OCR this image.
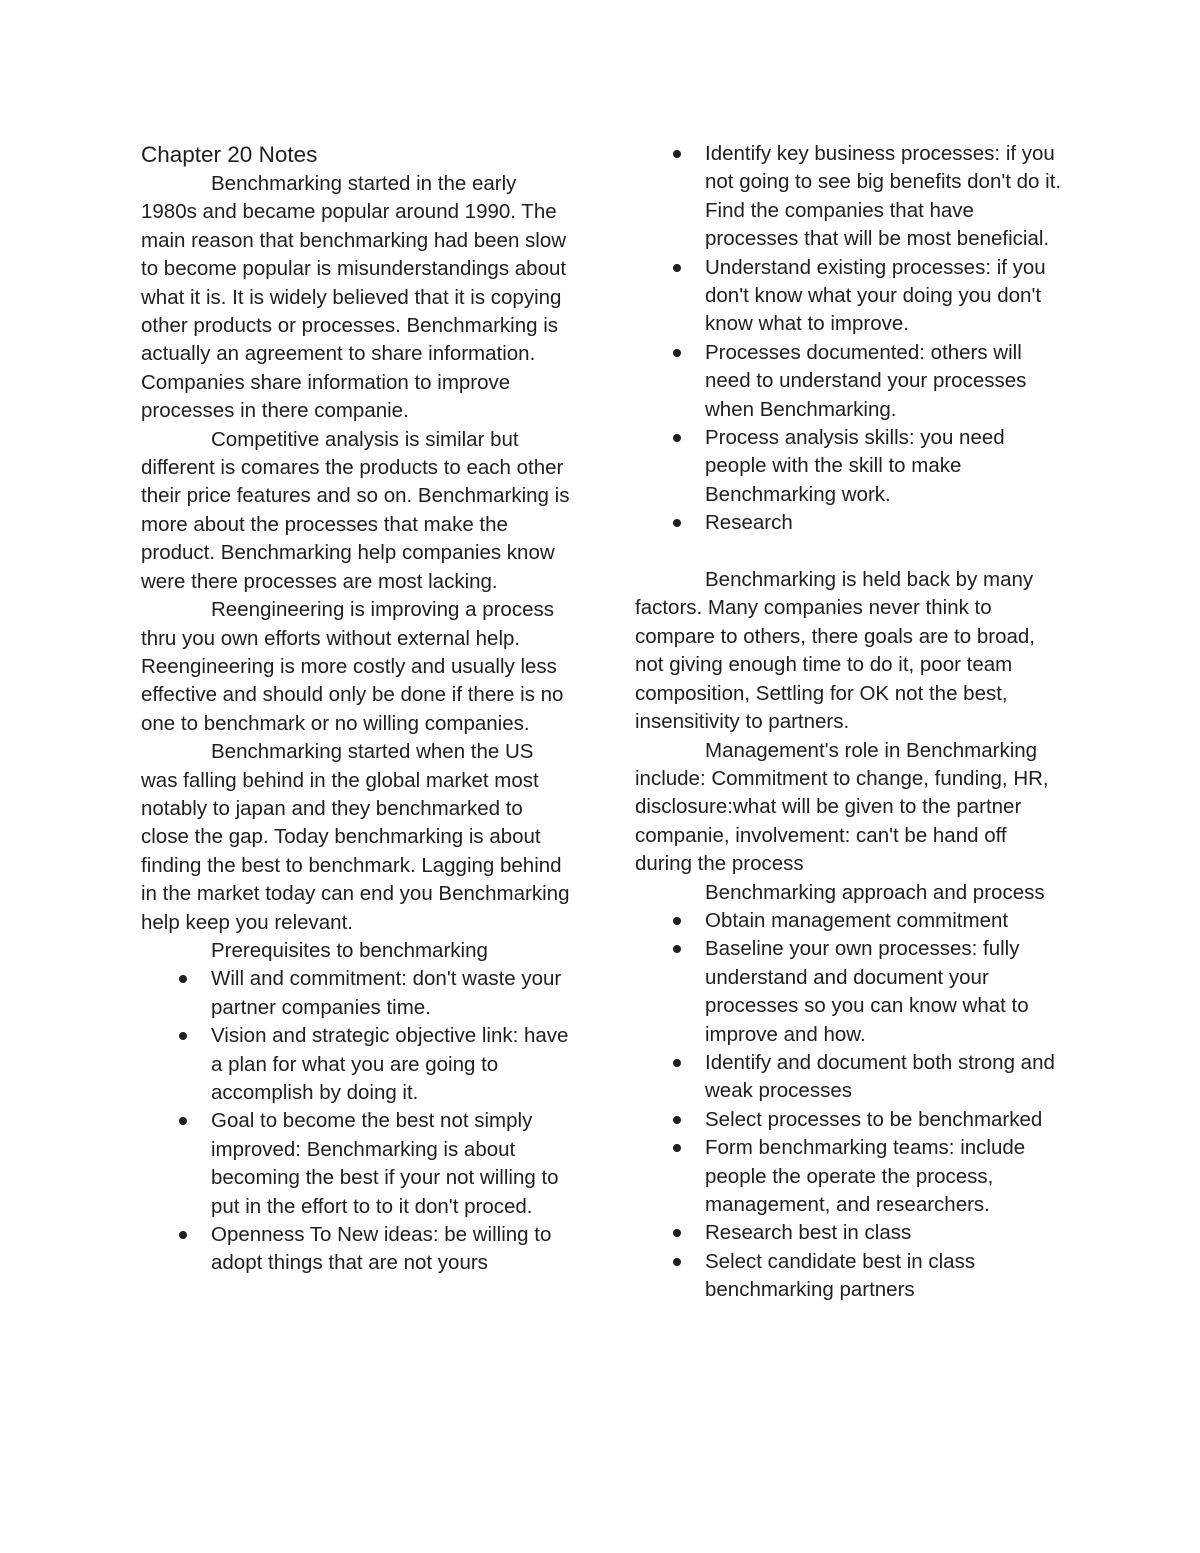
Chapter 20 Notes

Benchmarking started in the early 1980s and became popular around 1990. The main reason that benchmarking had been slow to become popular is misunderstandings about what it is. It is widely believed that it is copying other products or processes. Benchmarking is actually an agreement to share information. Companies share information to improve processes in there companie.

Competitive analysis is similar but different is comares the products to each other their price features and so on. Benchmarking is more about the processes that make the product. Benchmarking help companies know were there processes are most lacking.

Reengineering is improving a process thru you own efforts without external help. Reengineering is more costly and usually less effective and should only be done if there is no one to benchmark or no willing companies.

Benchmarking started when the US was falling behind in the global market most notably to japan and they benchmarked to close the gap. Today benchmarking is about finding the best to benchmark. Lagging behind in the market today can end you Benchmarking help keep you relevant.

Prerequisites to benchmarking

Will and commitment: don't waste your partner companies time.
Vision and strategic objective link: have a plan for what you are going to accomplish by doing it.
Goal to become the best not simply improved: Benchmarking is about becoming the best if your not willing to put in the effort to to it don't proced.
Openness To New ideas: be willing to adopt things that are not yours
Identify key business processes: if you not going to see big benefits don't do it. Find the companies that have processes that will be most beneficial.
Understand existing processes: if you don't know what your doing you don't know what to improve.
Processes documented: others will need to understand your processes when Benchmarking.
Process analysis skills: you need people with the skill to make Benchmarking work.
Research

Benchmarking is held back by many factors. Many companies never think to compare to others, there goals are to broad, not giving enough time to do it, poor team composition, Settling for OK not the best, insensitivity to partners.

Management's role in Benchmarking include: Commitment to change, funding, HR, disclosure:what will be given to the partner companie, involvement: can't be hand off during the process

Benchmarking approach and process

Obtain management commitment
Baseline your own processes: fully understand and document your processes so you can know what to improve and how.
Identify and document both strong and weak processes
Select processes to be benchmarked
Form benchmarking teams: include people the operate the process, management, and researchers.
Research best in class
Select candidate best in class benchmarking partners
